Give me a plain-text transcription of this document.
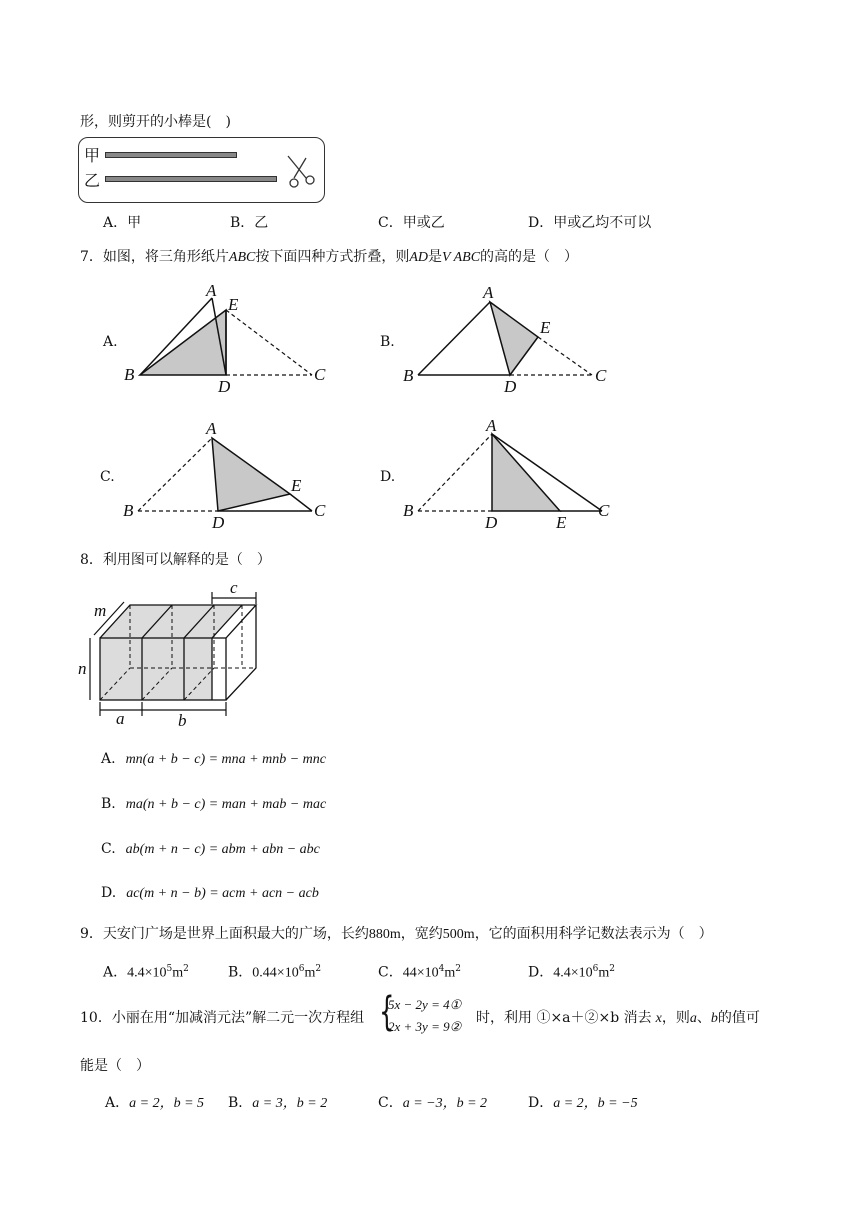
形，则剪开的小棒是(　)
甲
乙
A．甲	B．乙	C．甲或乙	D．甲或乙均不可以
7．如图，将三角形纸片ABC按下面四种方式折叠，则AD是V ABC的高的是（　）
A.	B.
C.	D.
A
E
B
D
C
A
E
B
D
C
A
E
B
D
C
A
B
D	E
C
8．利用图可以解释的是（　）
m
n
c
a	b
A. mn(a + b − c) = mna + mnb − mnc
B. ma(n + b − c) = man + mab − mac
C. ab(m + n − c) = abm + abn − abc
D. ac(m + n − b) = acm + acn − acb
9．天安门广场是世界上面积最大的广场，长约880m，宽约500m，它的面积用科学记数法表示为（　）
A．$4.4\times 10^5m^2$	B．$0.44\times 10^6m^2$	C．$44\times 10^4m^2$	D．$4.4\times 10^6m^2$
10．小丽在用“加减消元法”解二元一次方程组 {
5x − 2y = 4①
2x + 3y = 9②
时，利用 ①×a＋②×b 消去 x，则a、b的值可
能是（　）
A．a = 2，b = 5 B．a = 3，b = 2	C．a = −3，b = 2	D．a = 2，b = −5
